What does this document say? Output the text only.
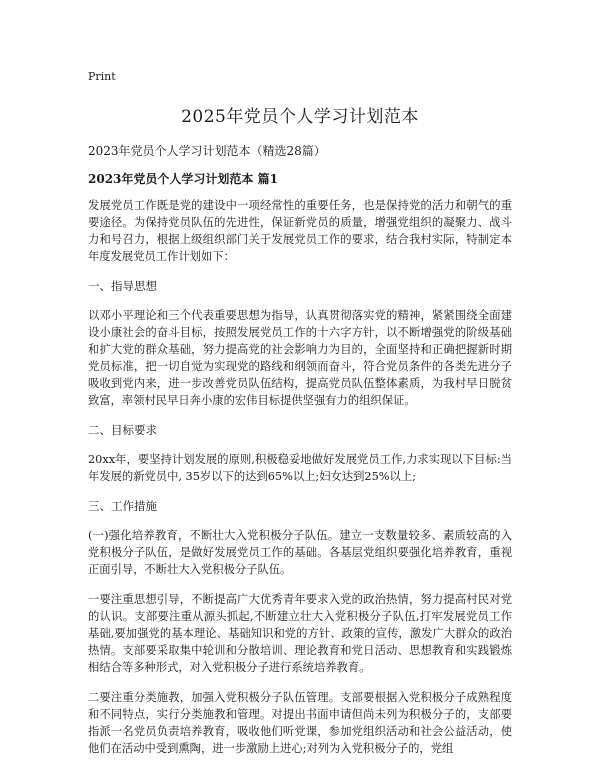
Print
2025年党员个人学习计划范本
2023年党员个人学习计划范本（精选28篇）
2023年党员个人学习计划范本 篇1

发展党员工作既是党的建设中一项经常性的重要任务，也是保持党的活力和朝气的重要途径。为保持党员队伍的先进性，保证新党员的质量，增强党组织的凝聚力、战斗力和号召力，根据上级组织部门关于发展党员工作的要求，结合我村实际，特制定本年度发展党员工作计划如下：

一、指导思想

以邓小平理论和三个代表重要思想为指导，认真贯彻落实党的精神，紧紧围绕全面建设小康社会的奋斗目标，按照发展党员工作的十六字方针，以不断增强党的阶级基础和扩大党的群众基础，努力提高党的社会影响力为目的，全面坚持和正确把握新时期党员标准，把一切自觉为实现党的路线和纲领而奋斗，符合党员条件的各类先进分子吸收到党内来，进一步改善党员队伍结构，提高党员队伍整体素质，为我村早日脱贫致富，率领村民早日奔小康的宏伟目标提供坚强有力的组织保证。

二、目标要求

20xx年，要坚持计划发展的原则,积极稳妥地做好发展党员工作,力求实现以下目标:当年发展的新党员中, 35岁以下的达到65%以上;妇女达到25%以上;

三、工作措施

(一)强化培养教育，不断壮大入党积极分子队伍。建立一支数量较多、素质较高的入党积极分子队伍，是做好发展党员工作的基础。各基层党组织要强化培养教育，重视正面引导，不断壮大入党积极分子队伍。

一要注重思想引导，不断提高广大优秀青年要求入党的政治热情，努力提高村民对党的认识。支部要注重从源头抓起,不断建立壮大入党积极分子队伍,打牢发展党员工作基础,要加强党的基本理论、基础知识和党的方针、政策的宣传，激发广大群众的政治热情。支部要采取集中轮训和分散培训、理论教育和党日活动、思想教育和实践锻炼相结合等多种形式，对入党积极分子进行系统培养教育。

二要注重分类施教，加强入党积极分子队伍管理。支部要根据入党积极分子成熟程度和不同特点，实行分类施教和管理。对提出书面申请但尚未列为积极分子的，支部要指派一名党员负责培养教育，吸收他们听党课，参加党组织活动和社会公益活动，使他们在活动中受到熏陶，进一步激励上进心;对列为入党积极分子的，党组
